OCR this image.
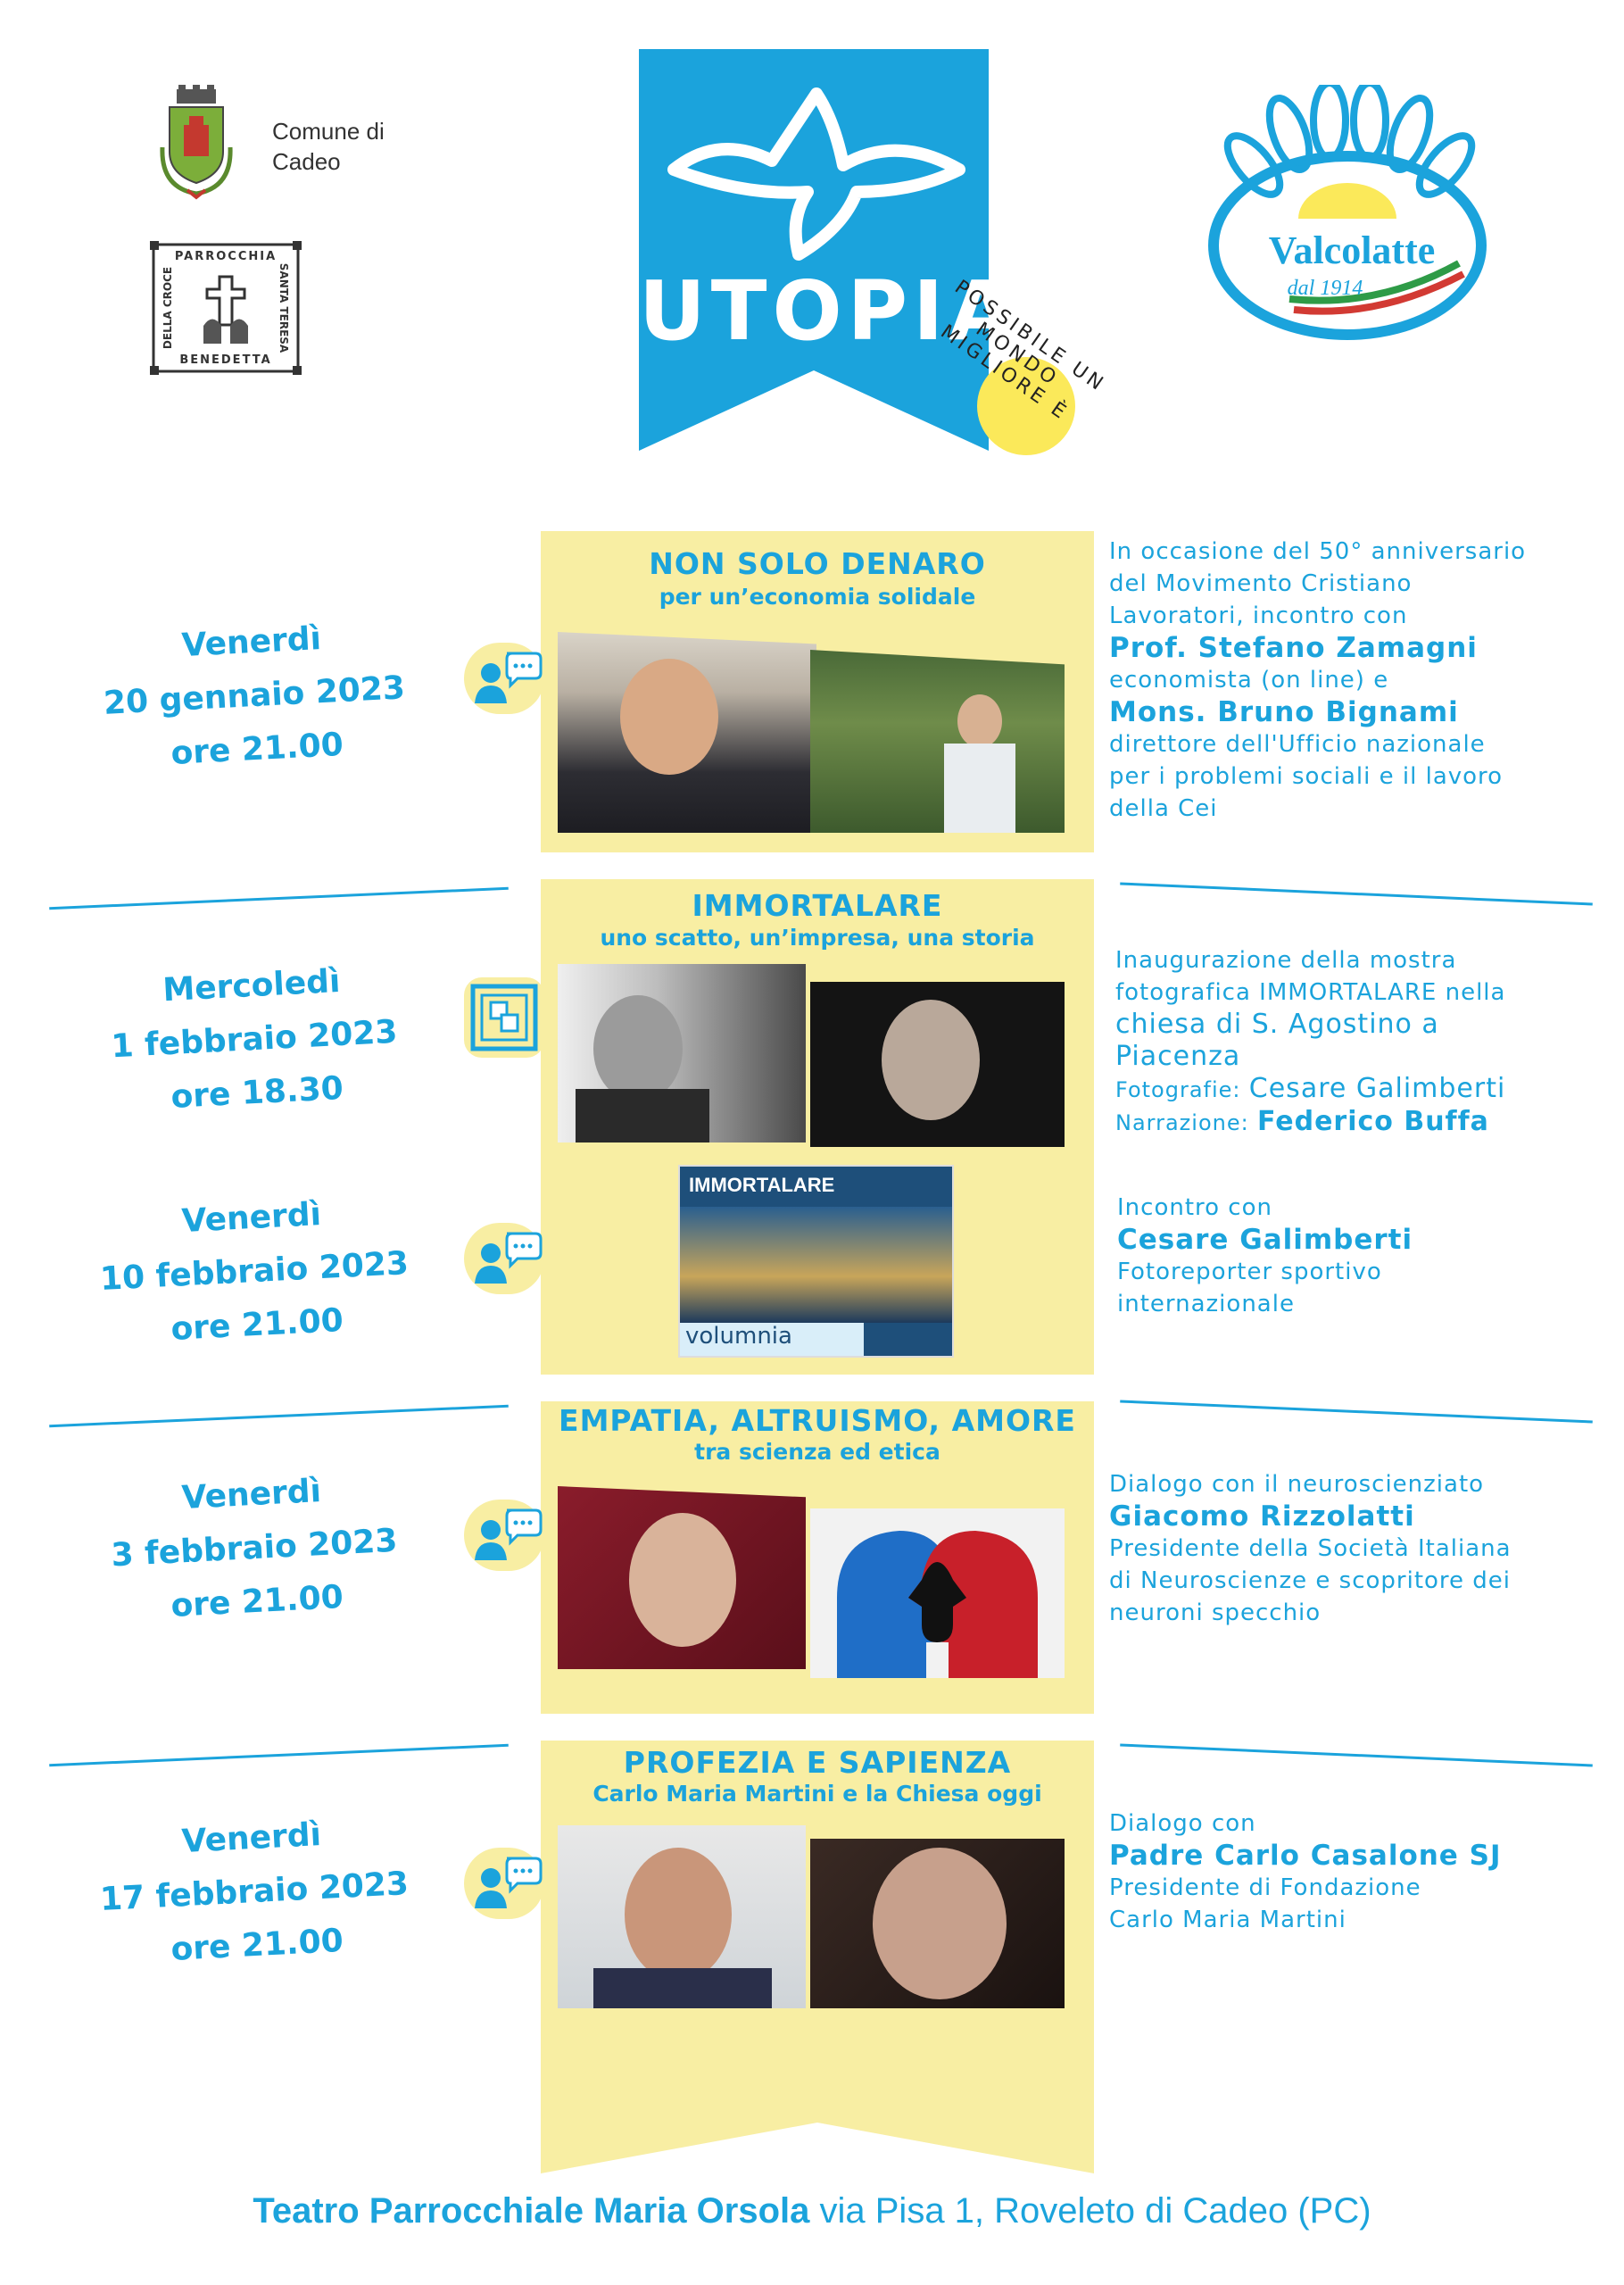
Comune di
Cadeo
PARROCCHIA
BENEDETTA
DELLA CROCE	SANTA TERESA	UTOPIA
POSSIBILE UN MONDO MIGLIORE È
Valcolatte
dal 1914
NON SOLO DENARO
per un’economia solidale
Venerdì
20 gennaio 2023
ore 21.00
In occasione del 50° anniversario
del Movimento Cristiano
Lavoratori, incontro con
Prof. Stefano Zamagni
economista (on line) e
Mons. Bruno Bignami
direttore dell'Ufficio nazionale
per i problemi sociali e il lavoro
della Cei
IMMORTALARE
uno scatto, un’impresa, una storia
Mercoledì
1 febbraio 2023
ore 18.30
Inaugurazione della mostra
fotografica IMMORTALARE nella
chiesa di S. Agostino a
Piacenza
Fotografie: Cesare Galimberti
Narrazione: Federico Buffa
Venerdì
10 febbraio 2023
ore 21.00
IMMORTALARE
volumnia
Incontro con
Cesare Galimberti
Fotoreporter sportivo
internazionale
EMPATIA, ALTRUISMO, AMORE
tra scienza ed etica
Venerdì
3 febbraio 2023
ore 21.00
Dialogo con il neuroscienziato
Giacomo Rizzolatti
Presidente della Società Italiana
di Neuroscienze e scopritore dei
neuroni specchio
PROFEZIA E SAPIENZA
Carlo Maria Martini e la Chiesa oggi
Venerdì
17 febbraio 2023
ore 21.00
Dialogo con
Padre Carlo Casalone SJ
Presidente di Fondazione
Carlo Maria Martini
Teatro Parrocchiale Maria Orsola via Pisa 1, Roveleto di Cadeo (PC)
